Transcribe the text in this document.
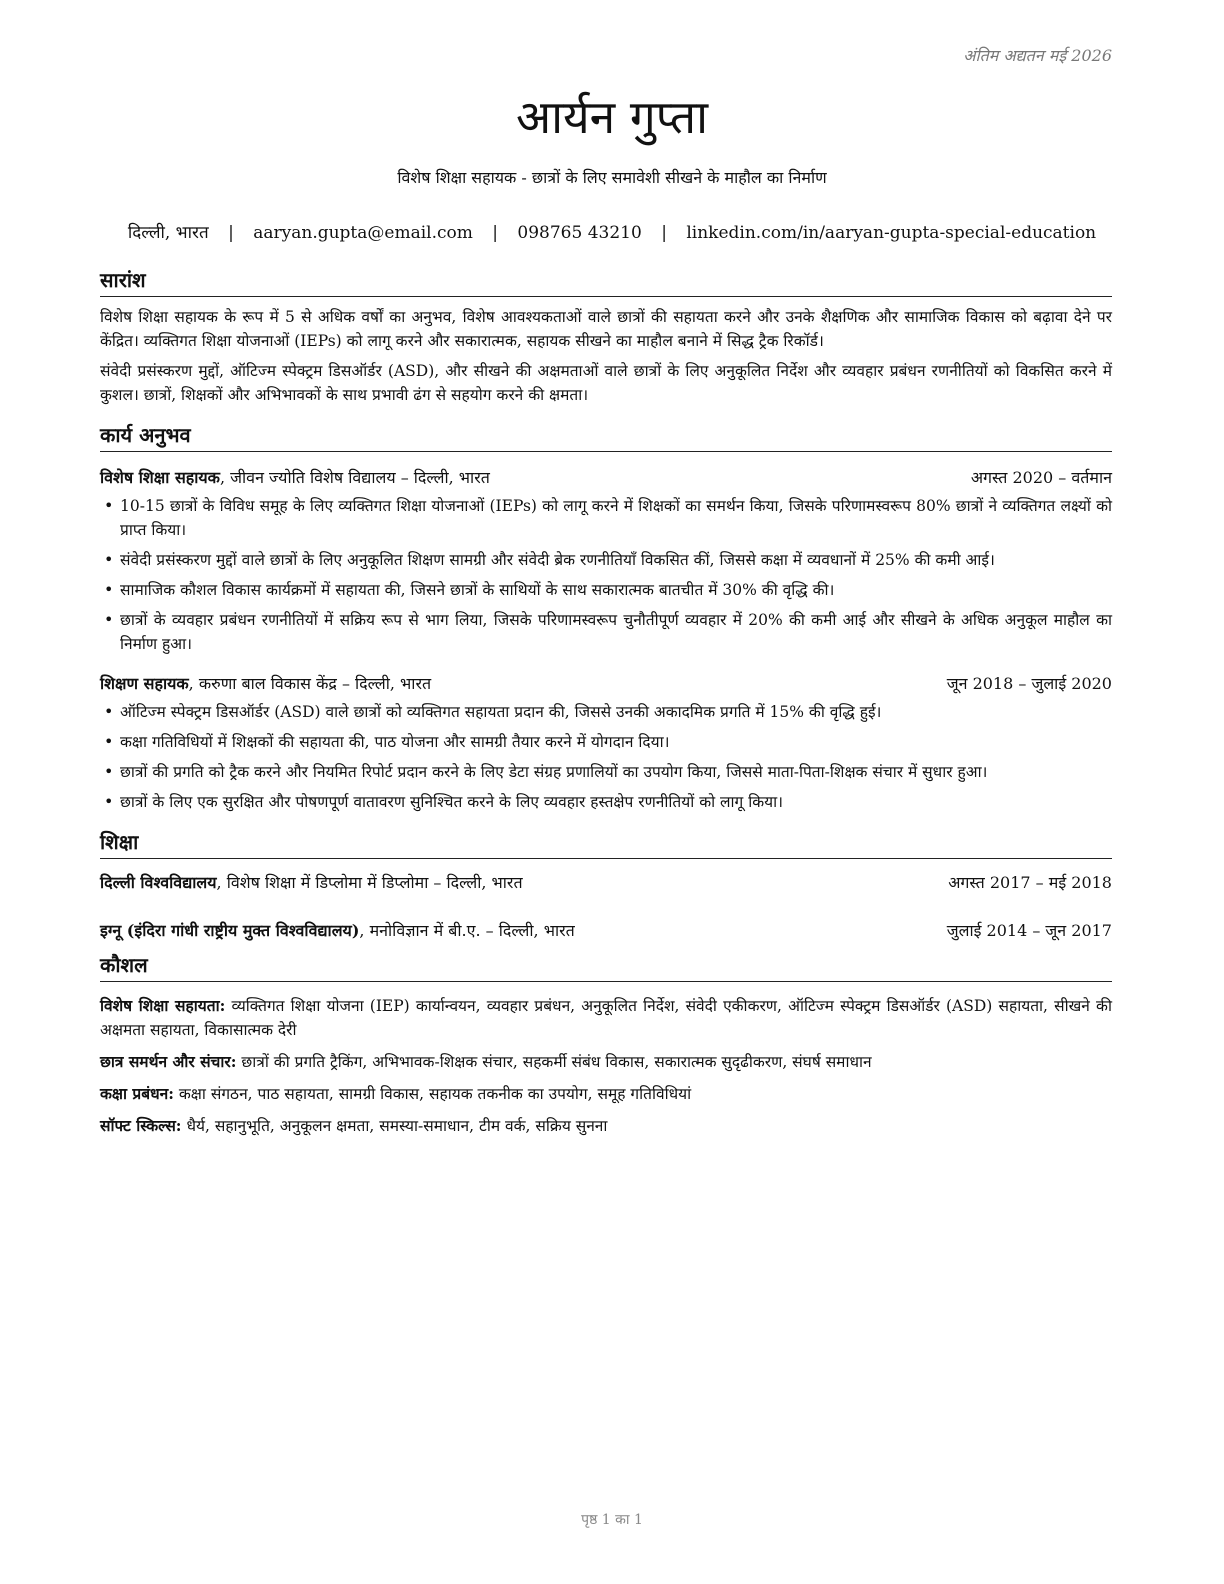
अंतिम अद्यतन मई 2026
आर्यन गुप्ता
विशेष शिक्षा सहायक - छात्रों के लिए समावेशी सीखने के माहौल का निर्माण
दिल्ली, भारत | aaryan.gupta@email.com | 098765 43210 | linkedin.com/in/aaryan-gupta-special-education
सारांश

विशेष शिक्षा सहायक के रूप में 5 से अधिक वर्षों का अनुभव, विशेष आवश्यकताओं वाले छात्रों की सहायता करने और उनके शैक्षणिक और सामाजिक विकास को बढ़ावा देने पर केंद्रित। व्यक्तिगत शिक्षा योजनाओं (IEPs) को लागू करने और सकारात्मक, सहायक सीखने का माहौल बनाने में सिद्ध ट्रैक रिकॉर्ड।

संवेदी प्रसंस्करण मुद्दों, ऑटिज्म स्पेक्ट्रम डिसऑर्डर (ASD), और सीखने की अक्षमताओं वाले छात्रों के लिए अनुकूलित निर्देश और व्यवहार प्रबंधन रणनीतियों को विकसित करने में कुशल। छात्रों, शिक्षकों और अभिभावकों के साथ प्रभावी ढंग से सहयोग करने की क्षमता।

कार्य अनुभव
विशेष शिक्षा सहायक, जीवन ज्योति विशेष विद्यालय – दिल्ली, भारत	अगस्त 2020 – वर्तमान
• 10-15 छात्रों के विविध समूह के लिए व्यक्तिगत शिक्षा योजनाओं (IEPs) को लागू करने में शिक्षकों का समर्थन किया, जिसके परिणामस्वरूप 80% छात्रों ने व्यक्तिगत लक्ष्यों को प्राप्त किया।
• संवेदी प्रसंस्करण मुद्दों वाले छात्रों के लिए अनुकूलित शिक्षण सामग्री और संवेदी ब्रेक रणनीतियाँ विकसित कीं, जिससे कक्षा में व्यवधानों में 25% की कमी आई।
• सामाजिक कौशल विकास कार्यक्रमों में सहायता की, जिसने छात्रों के साथियों के साथ सकारात्मक बातचीत में 30% की वृद्धि की।
• छात्रों के व्यवहार प्रबंधन रणनीतियों में सक्रिय रूप से भाग लिया, जिसके परिणामस्वरूप चुनौतीपूर्ण व्यवहार में 20% की कमी आई और सीखने के अधिक अनुकूल माहौल का निर्माण हुआ।
शिक्षण सहायक, करुणा बाल विकास केंद्र – दिल्ली, भारत	जून 2018 – जुलाई 2020
• ऑटिज्म स्पेक्ट्रम डिसऑर्डर (ASD) वाले छात्रों को व्यक्तिगत सहायता प्रदान की, जिससे उनकी अकादमिक प्रगति में 15% की वृद्धि हुई।
• कक्षा गतिविधियों में शिक्षकों की सहायता की, पाठ योजना और सामग्री तैयार करने में योगदान दिया।
• छात्रों की प्रगति को ट्रैक करने और नियमित रिपोर्ट प्रदान करने के लिए डेटा संग्रह प्रणालियों का उपयोग किया, जिससे माता-पिता-शिक्षक संचार में सुधार हुआ।
• छात्रों के लिए एक सुरक्षित और पोषणपूर्ण वातावरण सुनिश्चित करने के लिए व्यवहार हस्तक्षेप रणनीतियों को लागू किया।
शिक्षा
दिल्ली विश्वविद्यालय, विशेष शिक्षा में डिप्लोमा में डिप्लोमा – दिल्ली, भारत	अगस्त 2017 – मई 2018
इग्नू (इंदिरा गांधी राष्ट्रीय मुक्त विश्वविद्यालय), मनोविज्ञान में बी.ए. – दिल्ली, भारत	जुलाई 2014 – जून 2017
कौशल
विशेष शिक्षा सहायता: व्यक्तिगत शिक्षा योजना (IEP) कार्यान्वयन, व्यवहार प्रबंधन, अनुकूलित निर्देश, संवेदी एकीकरण, ऑटिज्म स्पेक्ट्रम डिसऑर्डर (ASD) सहायता, सीखने की अक्षमता सहायता, विकासात्मक देरी
छात्र समर्थन और संचार: छात्रों की प्रगति ट्रैकिंग, अभिभावक-शिक्षक संचार, सहकर्मी संबंध विकास, सकारात्मक सुदृढीकरण, संघर्ष समाधान
कक्षा प्रबंधन: कक्षा संगठन, पाठ सहायता, सामग्री विकास, सहायक तकनीक का उपयोग, समूह गतिविधियां
सॉफ्ट स्किल्स: धैर्य, सहानुभूति, अनुकूलन क्षमता, समस्या-समाधान, टीम वर्क, सक्रिय सुनना
पृष्ठ 1 का 1
